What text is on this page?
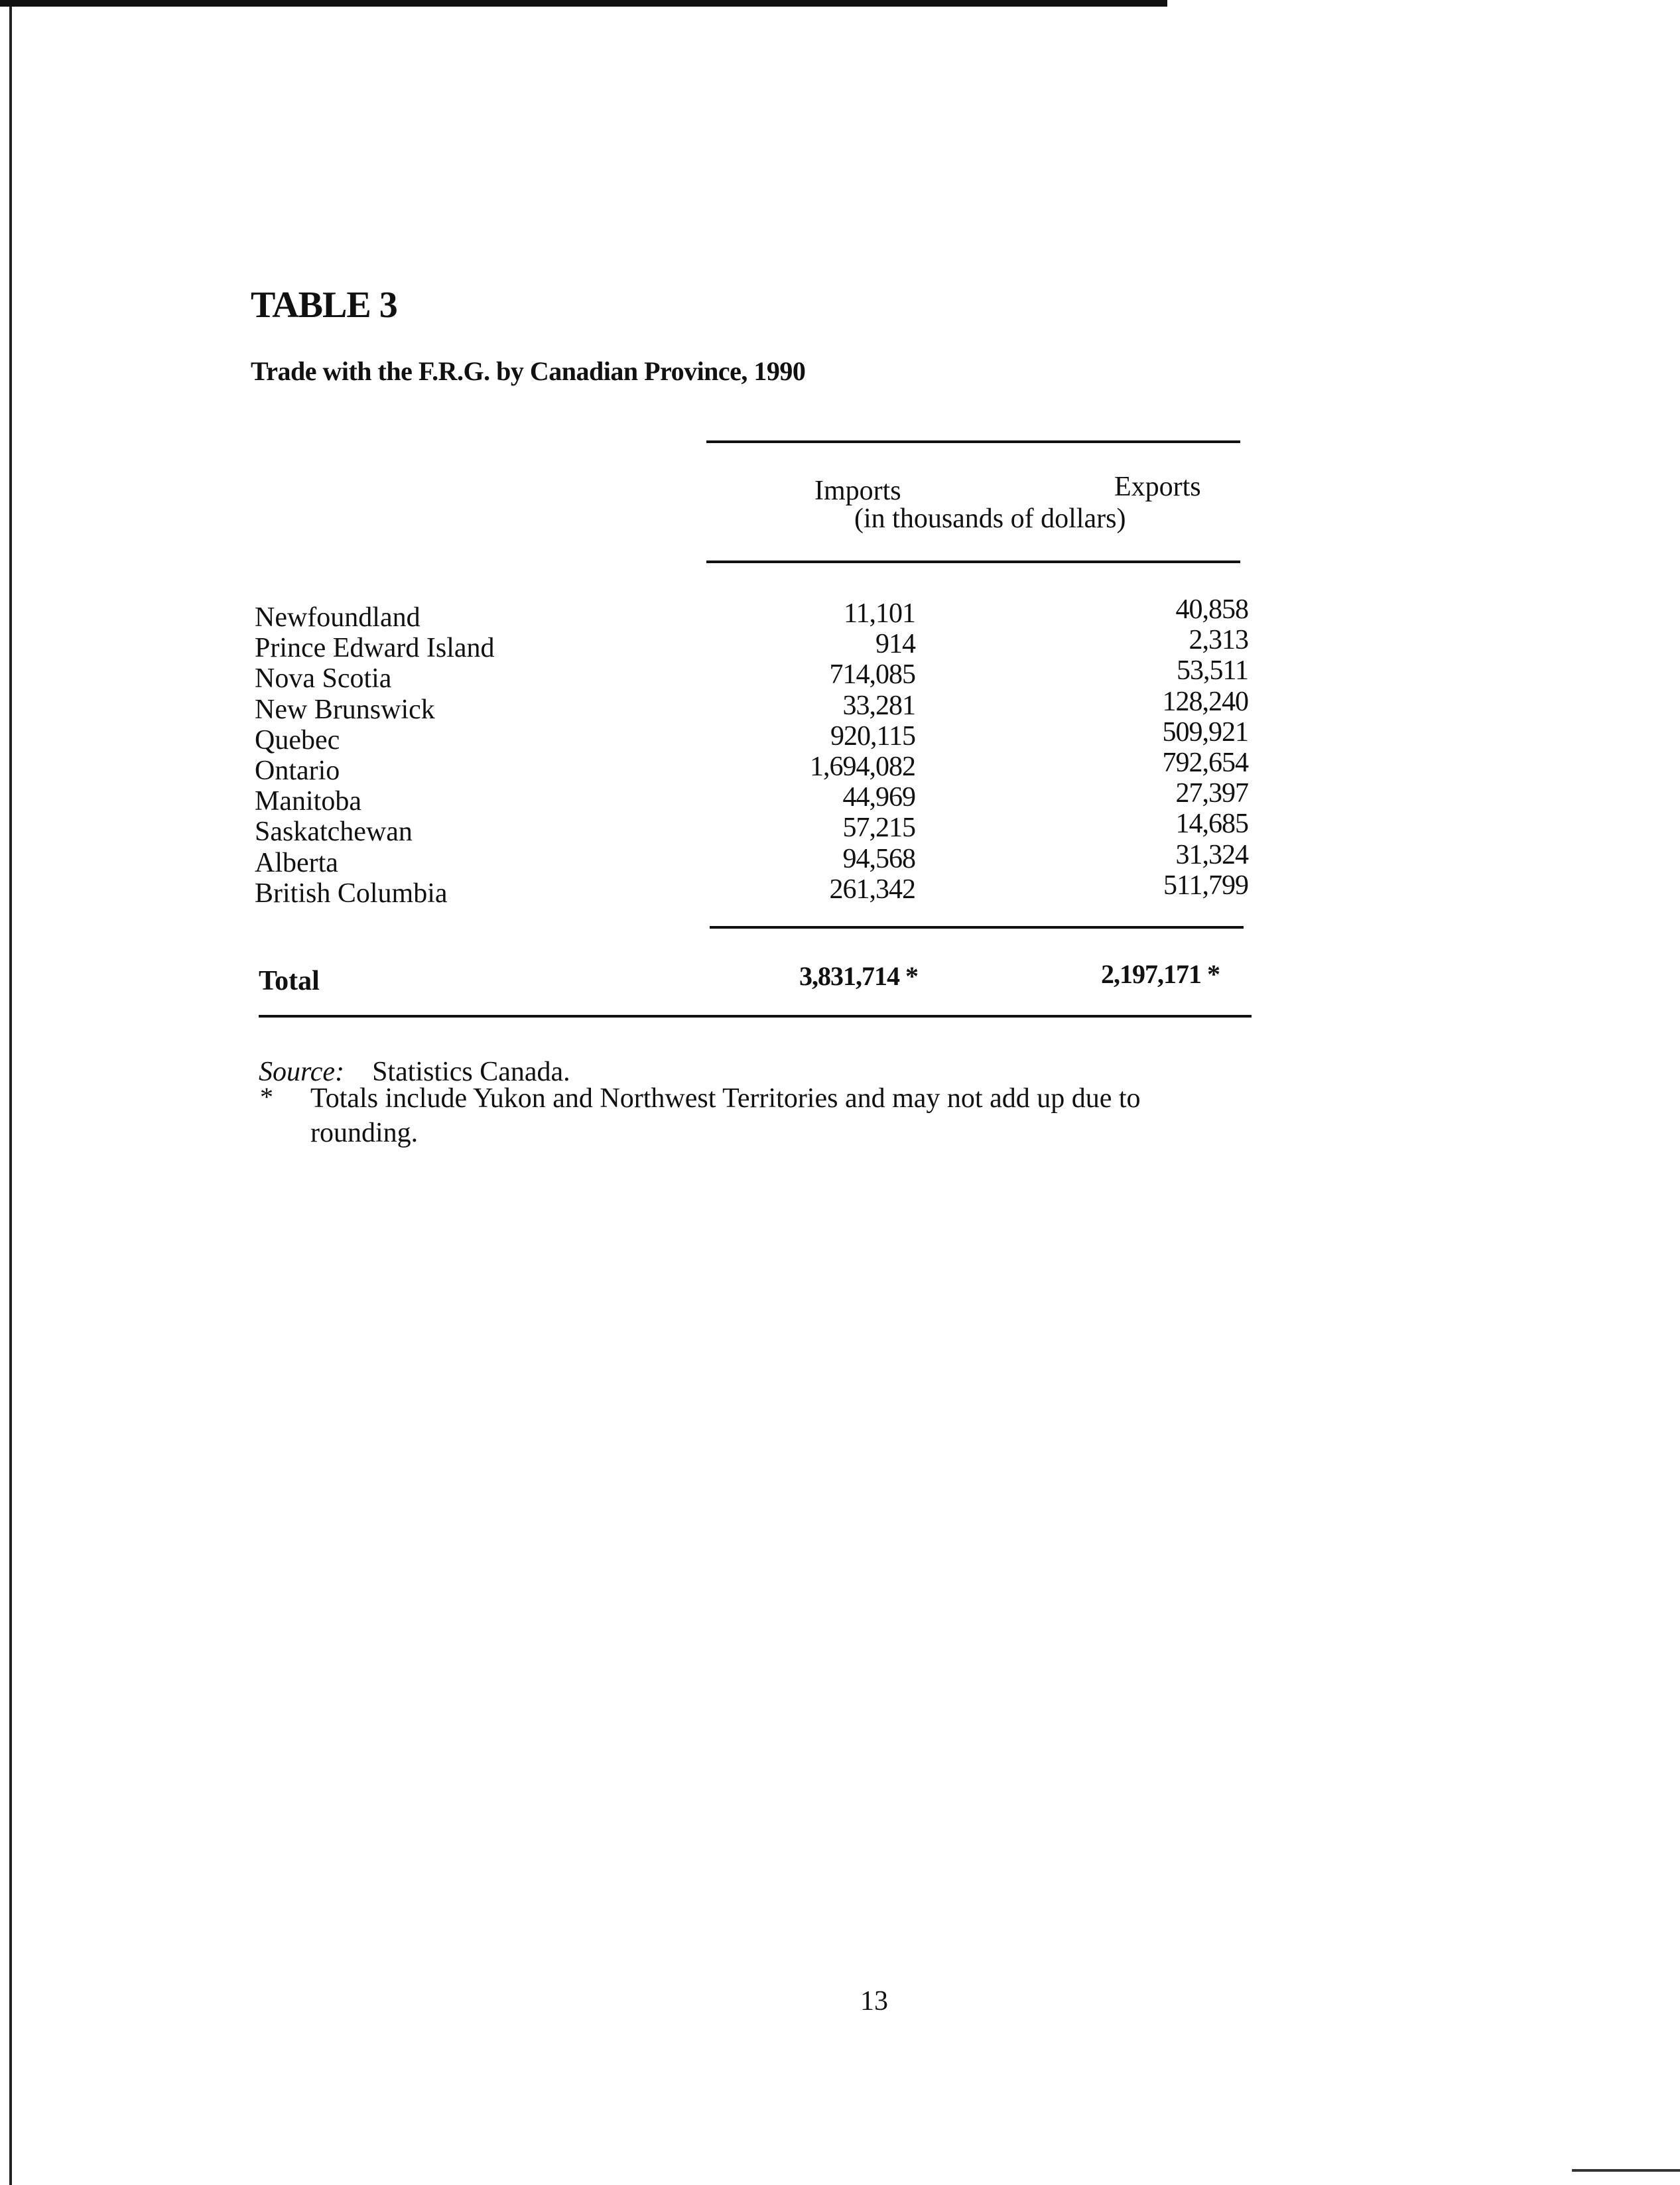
TABLE 3
Trade with the F.R.G. by Canadian Province, 1990
Imports	Exports
(in thousands of dollars)
Newfoundland	11,101	40,858
Prince Edward Island	914	2,313
Nova Scotia	714,085	53,511
New Brunswick	33,281	128,240
Quebec	920,115	509,921
Ontario	1,694,082	792,654
Manitoba	44,969	27,397
Saskatchewan	57,215	14,685
Alberta	94,568	31,324
British Columbia	261,342	511,799
Total	3,831,714 *	2,197,171 *
Source: Statistics Canada.
* Totals include Yukon and Northwest Territories and may not add up due to rounding.
13
